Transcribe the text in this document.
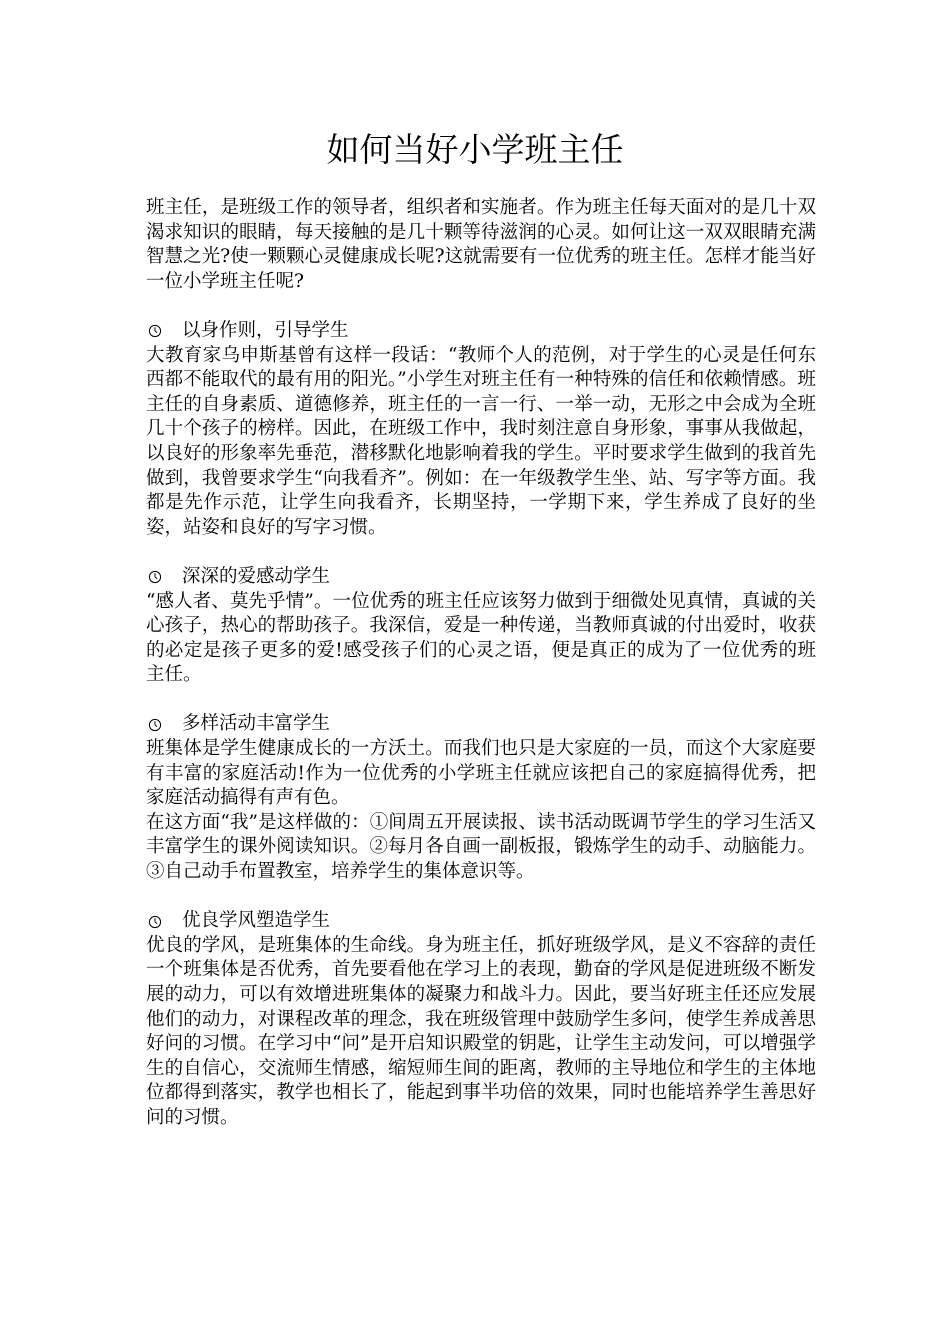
如何当好小学班主任

班主任，是班级工作的领导者，组织者和实施者。作为班主任每天面对的是几十双渴求知识的眼睛，每天接触的是几十颗等待滋润的心灵。如何让这一双双眼睛充满智慧之光?使一颗颗心灵健康成长呢?这就需要有一位优秀的班主任。怎样才能当好一位小学班主任呢?

以身作则，引导学生

大教育家乌申斯基曾有这样一段话：“教师个人的范例，对于学生的心灵是任何东西都不能取代的最有用的阳光。”小学生对班主任有一种特殊的信任和依赖情感。班主任的自身素质、道德修养，班主任的一言一行、一举一动，无形之中会成为全班几十个孩子的榜样。因此，在班级工作中，我时刻注意自身形象，事事从我做起，以良好的形象率先垂范，潜移默化地影响着我的学生。平时要求学生做到的我首先做到，我曾要求学生“向我看齐”。例如：在一年级教学生坐、站、写字等方面。我都是先作示范，让学生向我看齐，长期坚持，一学期下来，学生养成了良好的坐姿，站姿和良好的写字习惯。

深深的爱感动学生

“感人者、莫先乎情”。一位优秀的班主任应该努力做到于细微处见真情，真诚的关心孩子，热心的帮助孩子。我深信，爱是一种传递，当教师真诚的付出爱时，收获的必定是孩子更多的爱!感受孩子们的心灵之语，便是真正的成为了一位优秀的班主任。

多样活动丰富学生

班集体是学生健康成长的一方沃土。而我们也只是大家庭的一员，而这个大家庭要有丰富的家庭活动!作为一位优秀的小学班主任就应该把自己的家庭搞得优秀，把家庭活动搞得有声有色。

在这方面“我”是这样做的：①间周五开展读报、读书活动既调节学生的学习生活又丰富学生的课外阅读知识。②每月各自画一副板报，锻炼学生的动手、动脑能力。③自己动手布置教室，培养学生的集体意识等。

优良学风塑造学生

优良的学风，是班集体的生命线。身为班主任，抓好班级学风，是义不容辞的责任一个班集体是否优秀，首先要看他在学习上的表现，勤奋的学风是促进班级不断发展的动力，可以有效增进班集体的凝聚力和战斗力。因此，要当好班主任还应发展他们的动力，对课程改革的理念，我在班级管理中鼓励学生多问，使学生养成善思好问的习惯。在学习中“问”是开启知识殿堂的钥匙，让学生主动发问，可以增强学生的自信心，交流师生情感，缩短师生间的距离，教师的主导地位和学生的主体地位都得到落实，教学也相长了，能起到事半功倍的效果，同时也能培养学生善思好问的习惯。
